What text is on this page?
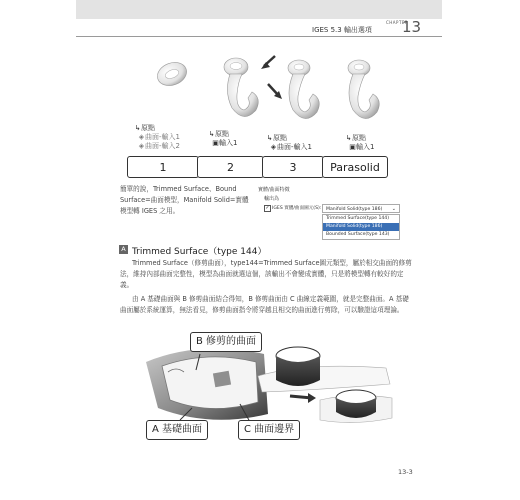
CHAPTER
IGES 5.3 輸出選項 13
↳原點
◈曲面-輸入1
◈曲面-輸入2
↳原點
▣輸入1
↳原點
◈曲面-輸入1
↳原點
▣輸入1
1	2	3	Parasolid
簡單的說，Trimmed Surface、Bound Surface=曲面模型，Manifold Solid=實體模型轉 IGES 之用。
實體/曲面特徵
輸出為
✓ IGES 實體/曲面圖元(S):	Manifold Solid(type 186) ⌄
Trimmed Surface(type 144)
Manifold Solid(type 186)
Bounded Surface(type 143)
A Trimmed Surface（type 144）
Trimmed Surface（修剪曲面），type144=Trimmed Surface圖元類型，屬於相交曲面的修剪法，維持內部曲面完整性，模型為曲面就選這個，該輸出不會變成實體，只是將模型轉有較好的定義。
由 A 基礎曲面與 B 修剪曲面結合得知，B 修剪曲面由 C 曲線定義範圍，就是完整曲面。A 基礎曲面屬於系統運算，無法看見，修剪曲面指令將穿越且相交的曲面進行剪除，可以驗證這項理論。
B 修剪的曲面
A 基礎曲面	C 曲面邊界
13-3
